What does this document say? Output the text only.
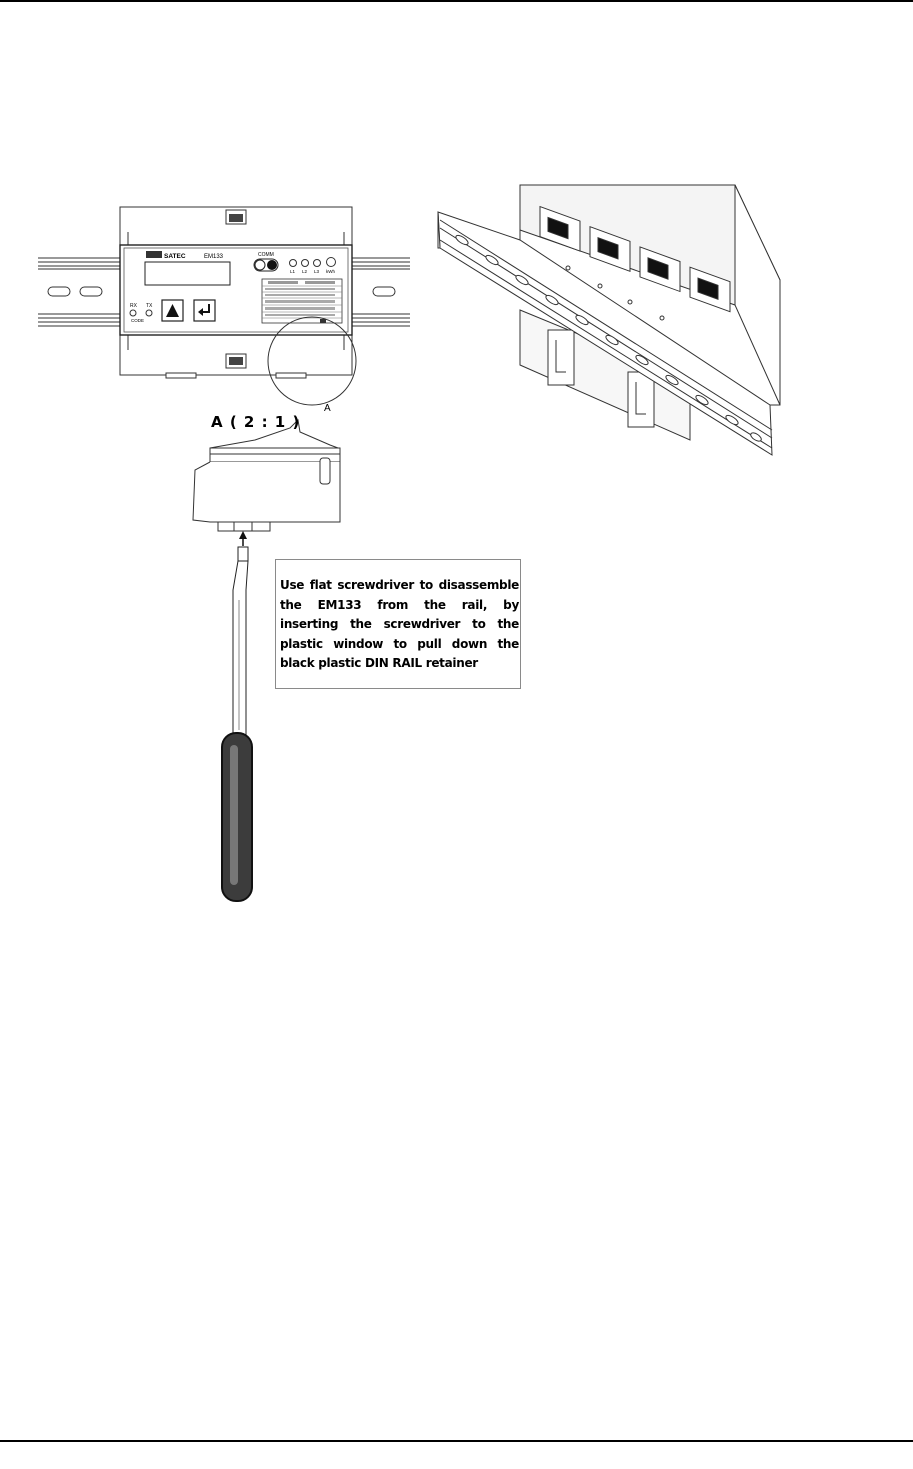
SATEC	EM133	COMM
L1 L2 L3 kWh
RX TX
CODE
A ( 2 : 1 )
A

Use flat screwdriver to disassemble the EM133 from the rail, by inserting the screwdriver to the plastic window to pull down the black plastic DIN RAIL retainer
